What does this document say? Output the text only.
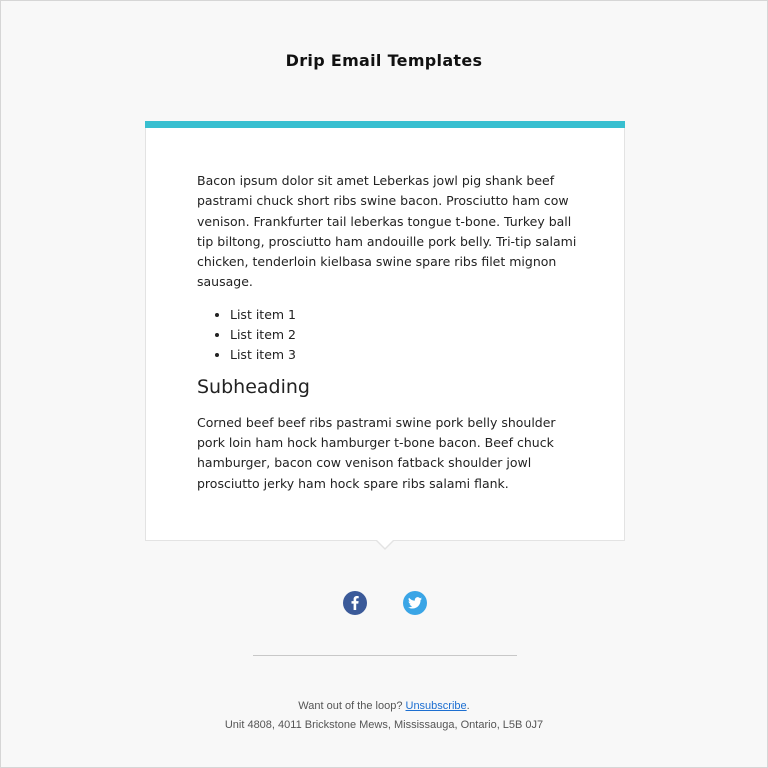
Drip Email Templates

Bacon ipsum dolor sit amet Leberkas jowl pig shank beef pastrami chuck short ribs swine bacon. Prosciutto ham cow venison. Frankfurter tail leberkas tongue t-bone. Turkey ball tip biltong, prosciutto ham andouille pork belly. Tri-tip salami chicken, tenderloin kielbasa swine spare ribs filet mignon sausage.

• List item 1
• List item 2
• List item 3
Subheading

Corned beef beef ribs pastrami swine pork belly shoulder pork loin ham hock hamburger t-bone bacon. Beef chuck hamburger, bacon cow venison fatback shoulder jowl prosciutto jerky ham hock spare ribs salami flank.

Want out of the loop? Unsubscribe.
Unit 4808, 4011 Brickstone Mews, Mississauga, Ontario, L5B 0J7
